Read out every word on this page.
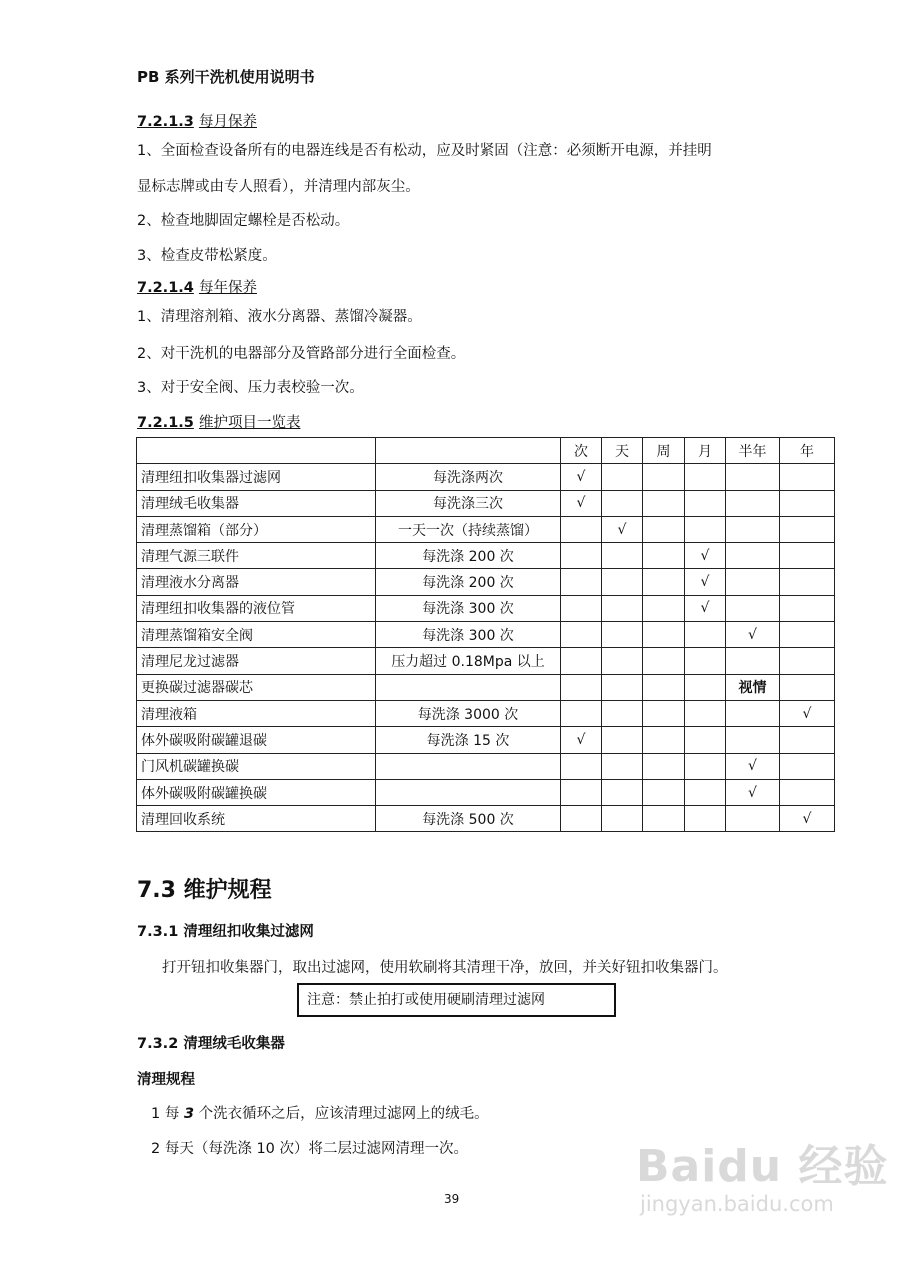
PB 系列干洗机使用说明书
7.2.1.3 每月保养
1、全面检查设备所有的电器连线是否有松动，应及时紧固（注意：必须断开电源，并挂明
显标志牌或由专人照看），并清理内部灰尘。
2、检查地脚固定螺栓是否松动。
3、检查皮带松紧度。
7.2.1.4 每年保养
1、清理溶剂箱、液水分离器、蒸馏冷凝器。
2、对干洗机的电器部分及管路部分进行全面检查。
3、对于安全阀、压力表校验一次。
7.2.1.5 维护项目一览表
		次	天	周	月	半年	年
清理纽扣收集器过滤网	每洗涤两次	√					
清理绒毛收集器	每洗涤三次	√					
清理蒸馏箱（部分）	一天一次（持续蒸馏）		√				
清理气源三联件	每洗涤 200 次				√		
清理液水分离器	每洗涤 200 次				√		
清理纽扣收集器的液位管	每洗涤 300 次				√		
清理蒸馏箱安全阀	每洗涤 300 次					√	
清理尼龙过滤器	压力超过 0.18Mpa 以上						
更换碳过滤器碳芯						视情	
清理液箱	每洗涤 3000 次						√
体外碳吸附碳罐退碳	每洗涤 15 次	√					
门风机碳罐换碳						√	
体外碳吸附碳罐换碳						√	
清理回收系统	每洗涤 500 次						√
7.3 维护规程
7.3.1 清理纽扣收集过滤网
打开钮扣收集器门，取出过滤网，使用软刷将其清理干净，放回，并关好钮扣收集器门。
注意：禁止拍打或使用硬刷清理过滤网
7.3.2 清理绒毛收集器
清理规程
1 每 3 个洗衣循环之后，应该清理过滤网上的绒毛。
2 每天（每洗涤 10 次）将二层过滤网清理一次。
39
Baidu 经验
jingyan.baidu.com
